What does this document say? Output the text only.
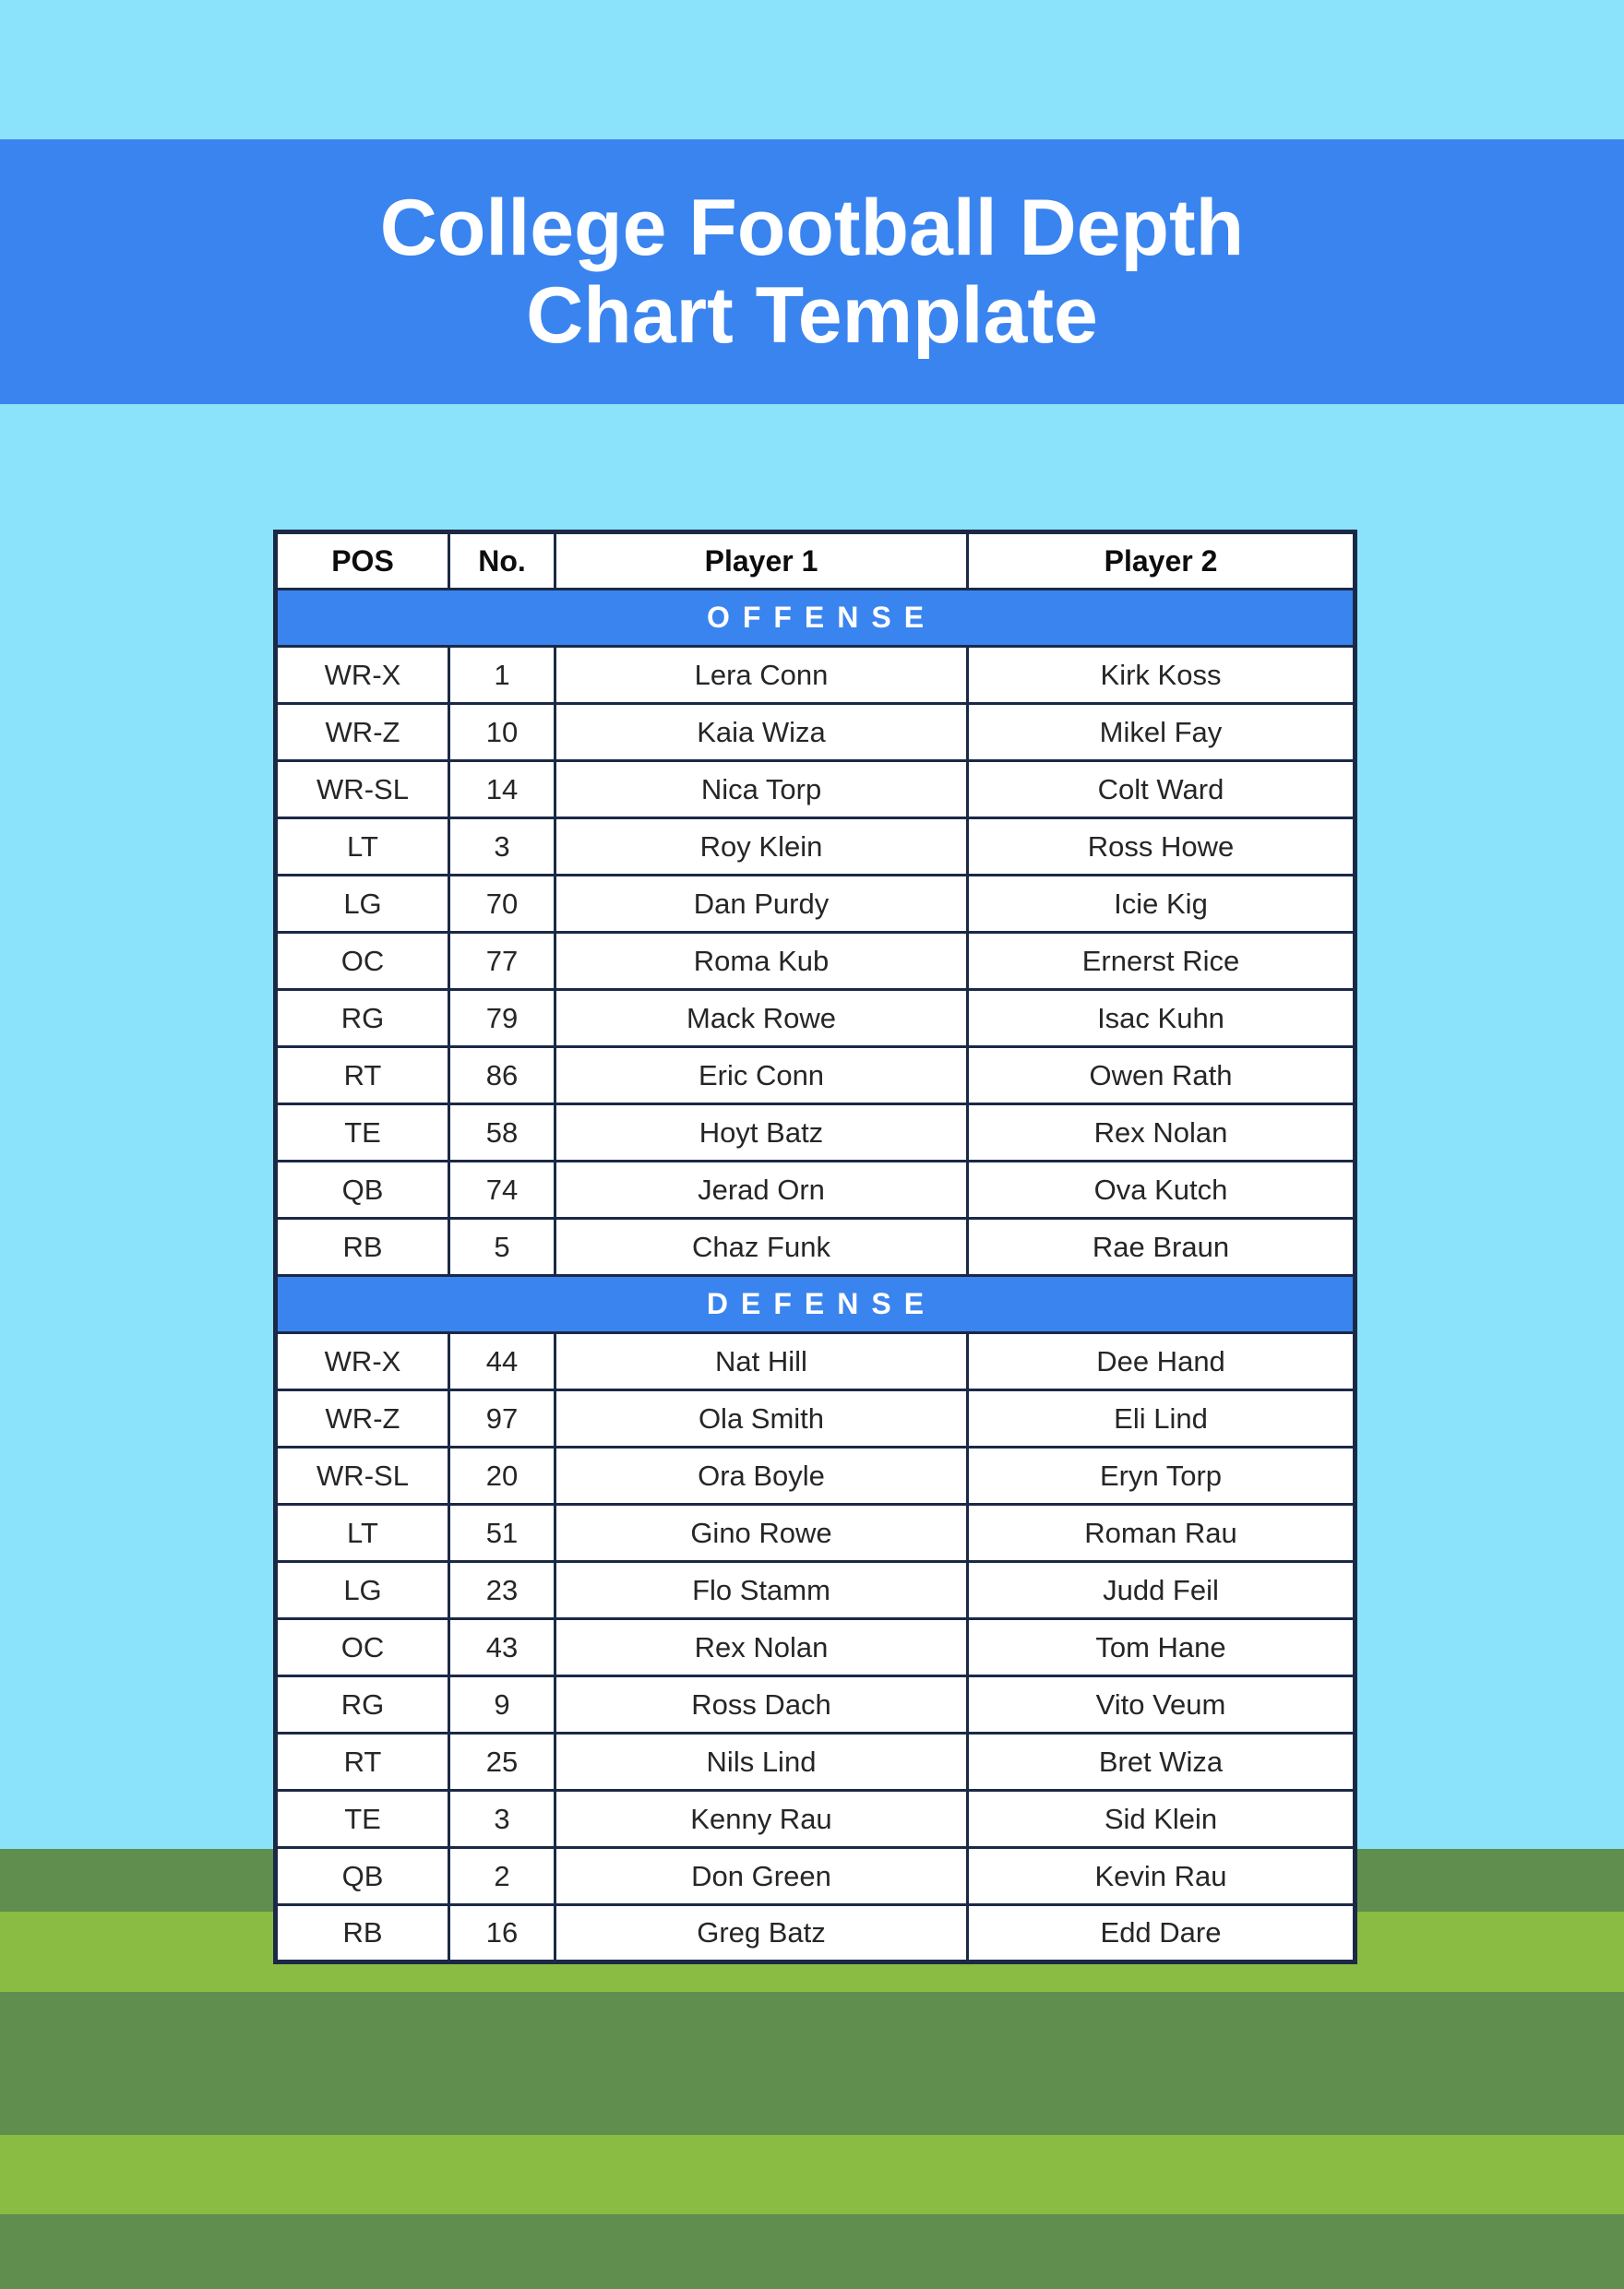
College Football Depth
Chart Template
POS	No.	Player 1	Player 2
OFFENSE			
WR-X	1	Lera Conn	Kirk Koss
WR-Z	10	Kaia Wiza	Mikel Fay
WR-SL	14	Nica Torp	Colt Ward
LT	3	Roy Klein	Ross Howe
LG	70	Dan Purdy	Icie Kig
OC	77	Roma Kub	Ernerst Rice
RG	79	Mack Rowe	Isac Kuhn
RT	86	Eric Conn	Owen Rath
TE	58	Hoyt Batz	Rex Nolan
QB	74	Jerad Orn	Ova Kutch
RB	5	Chaz Funk	Rae Braun
DEFENSE			
WR-X	44	Nat Hill	Dee Hand
WR-Z	97	Ola Smith	Eli Lind
WR-SL	20	Ora Boyle	Eryn Torp
LT	51	Gino Rowe	Roman Rau
LG	23	Flo Stamm	Judd Feil
OC	43	Rex Nolan	Tom Hane
RG	9	Ross Dach	Vito Veum
RT	25	Nils Lind	Bret Wiza
TE	3	Kenny Rau	Sid Klein
QB	2	Don Green	Kevin Rau
RB	16	Greg Batz	Edd Dare
